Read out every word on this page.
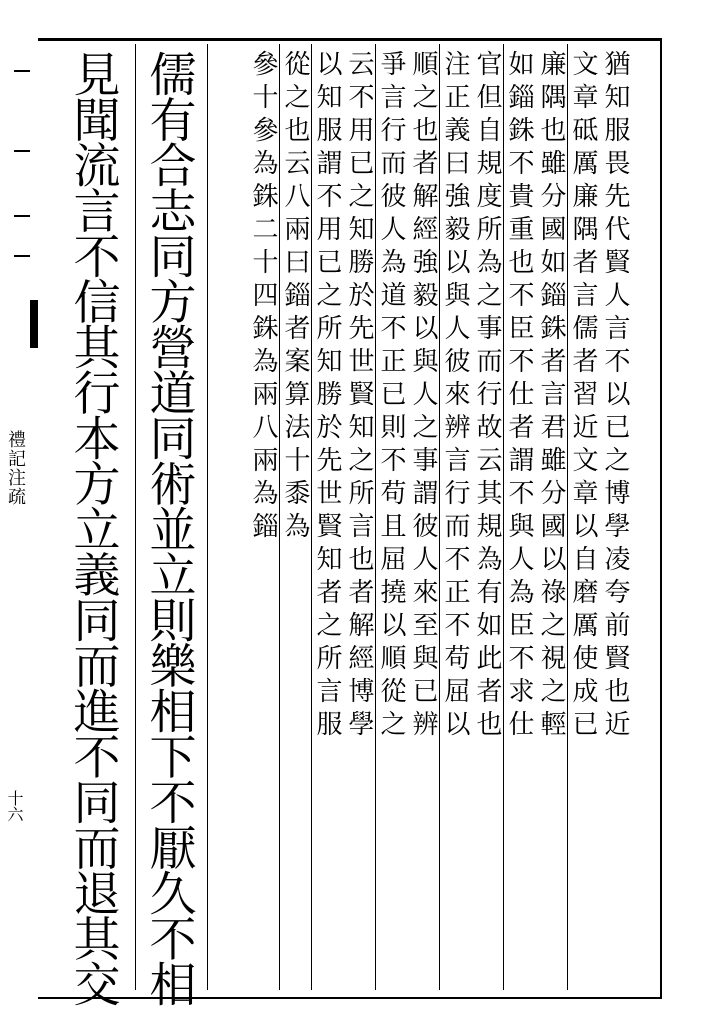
禮記注疏
十六
猶知服畏先代賢人言不以已之博學凌夸前賢也近
文章砥厲廉隅者言儒者習近文章以自磨厲使成已
廉隅也雖分國如錙銖者言君雖分國以祿之視之輕
如錙銖不貴重也不臣不仕者謂不與人為臣不求仕
官但自規度所為之事而行故云其規為有如此者也
注正義曰強毅以與人彼來辨言行而不正不苟屈以
順之也者解經強毅以與人之事謂彼人來至與已辨
爭言行而彼人為道不正已則不苟且屈撓以順從之
云不用已之知勝於先世賢知之所言也者解經博學
以知服謂不用已之所知勝於先世賢知者之所言服
從之也云八兩曰錙者案算法十黍為
參十參為銖二十四銖為兩八兩為錙
儒有合志同方營道同術並立則樂相下不厭久不相
見聞流言不信其行本方立義同而進不同而退其交
